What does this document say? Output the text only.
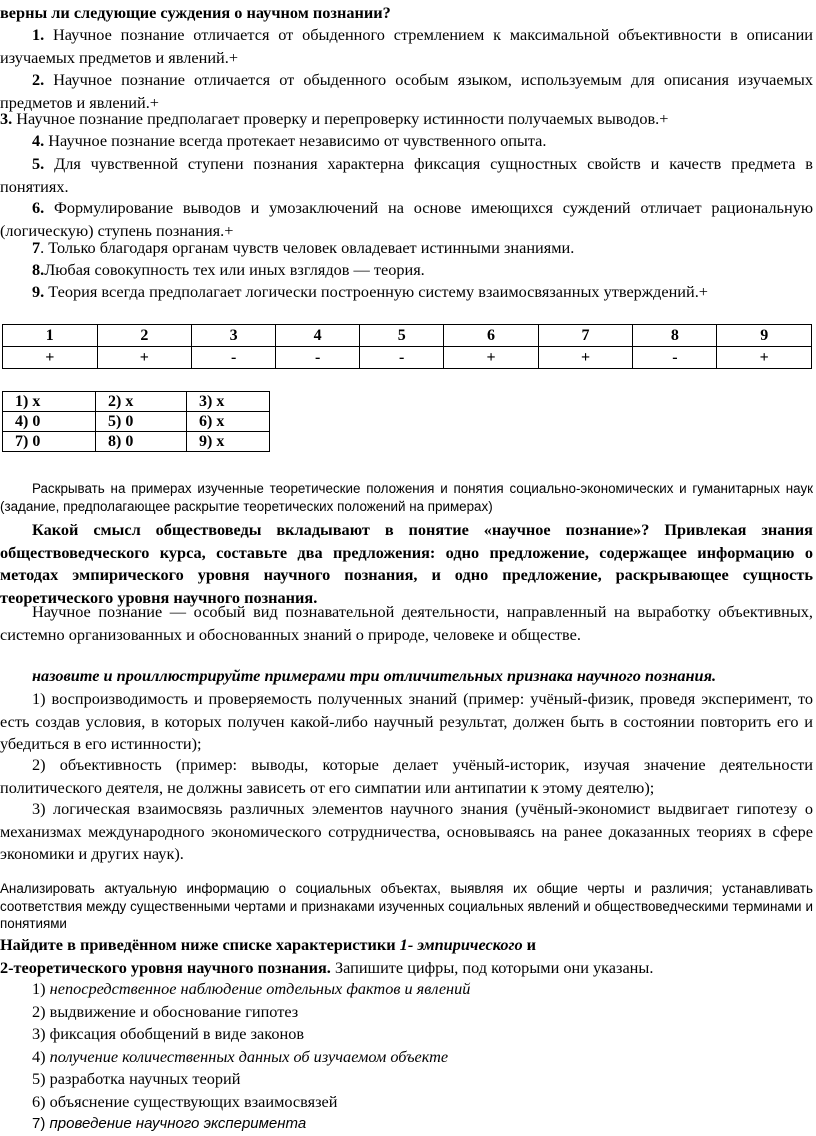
верны ли следующие суждения о научном познании?
1. Научное познание отличается от обыденного стремлением к максимальной объективности в описании изучаемых предметов и явлений.+
2. Научное познание отличается от обыденного особым языком, используемым для описания изучаемых предметов и явлений.+
3. Научное познание предполагает проверку и перепроверку истинности получаемых выводов.+
4. Научное познание всегда протекает независимо от чувственного опыта.
5. Для чувственной ступени познания характерна фиксация сущностных свойств и качеств предмета в понятиях.
6. Формулирование выводов и умозаключений на основе имеющихся суждений отличает рациональную (логическую) ступень познания.+
7. Только благодаря органам чувств человек овладевает истинными знаниями.
8.Любая совокупность тех или иных взглядов — теория.
9. Теория всегда предполагает логически построенную систему взаимосвязанных утверждений.+
1	2	3	4	5	6	7	8	9
+	+	-	-	-	+	+	-	+
1) x	2) x	3) x
4) 0	5) 0	6) x
7) 0	8) 0	9) x
Раскрывать на примерах изученные теоретические положения и понятия социально-экономических и гуманитарных наук (задание, предполагающее раскрытие теоретических положений на примерах)
Какой смысл обществоведы вкладывают в понятие «научное познание»? Привлекая знания обществоведческого курса, составьте два предложения: одно предложение, содержащее информацию о методах эмпирического уровня научного познания, и одно предложение, раскрывающее сущность теоретического уровня научного познания.
Научное познание — особый вид познавательной деятельности, направленный на выработку объективных, системно организованных и обоснованных знаний о природе, человеке и обществе.
назовите и проиллюстрируйте примерами три отличительных признака научного познания.
1) воспроизводимость и проверяемость полученных знаний (пример: учёный-физик, проведя эксперимент, то есть создав условия, в которых получен какой-либо научный результат, должен быть в состоянии повторить его и убедиться в его истинности);
2) объективность (пример: выводы, которые делает учёный-историк, изучая значение деятельности политического деятеля, не должны зависеть от его симпатии или антипатии к этому деятелю);
3) логическая взаимосвязь различных элементов научного знания (учёный-экономист выдвигает гипотезу о механизмах международного экономического сотрудничества, основываясь на ранее доказанных теориях в сфере экономики и других наук).
Анализировать актуальную информацию о социальных объектах, выявляя их общие черты и различия; устанавливать соответствия между существенными чертами и признаками изученных социальных явлений и обществоведческими терминами и понятиями
Найдите в приведённом ниже списке характеристики 1- эмпирического и
2-теоретического уровня научного познания. Запишите цифры, под которыми они указаны.
1) непосредственное наблюдение отдельных фактов и явлений
2) выдвижение и обоснование гипотез
3) фиксация обобщений в виде законов
4) получение количественных данных об изучаемом объекте
5) разработка научных теорий
6) объяснение существующих взаимосвязей
7) проведение научного эксперимента
